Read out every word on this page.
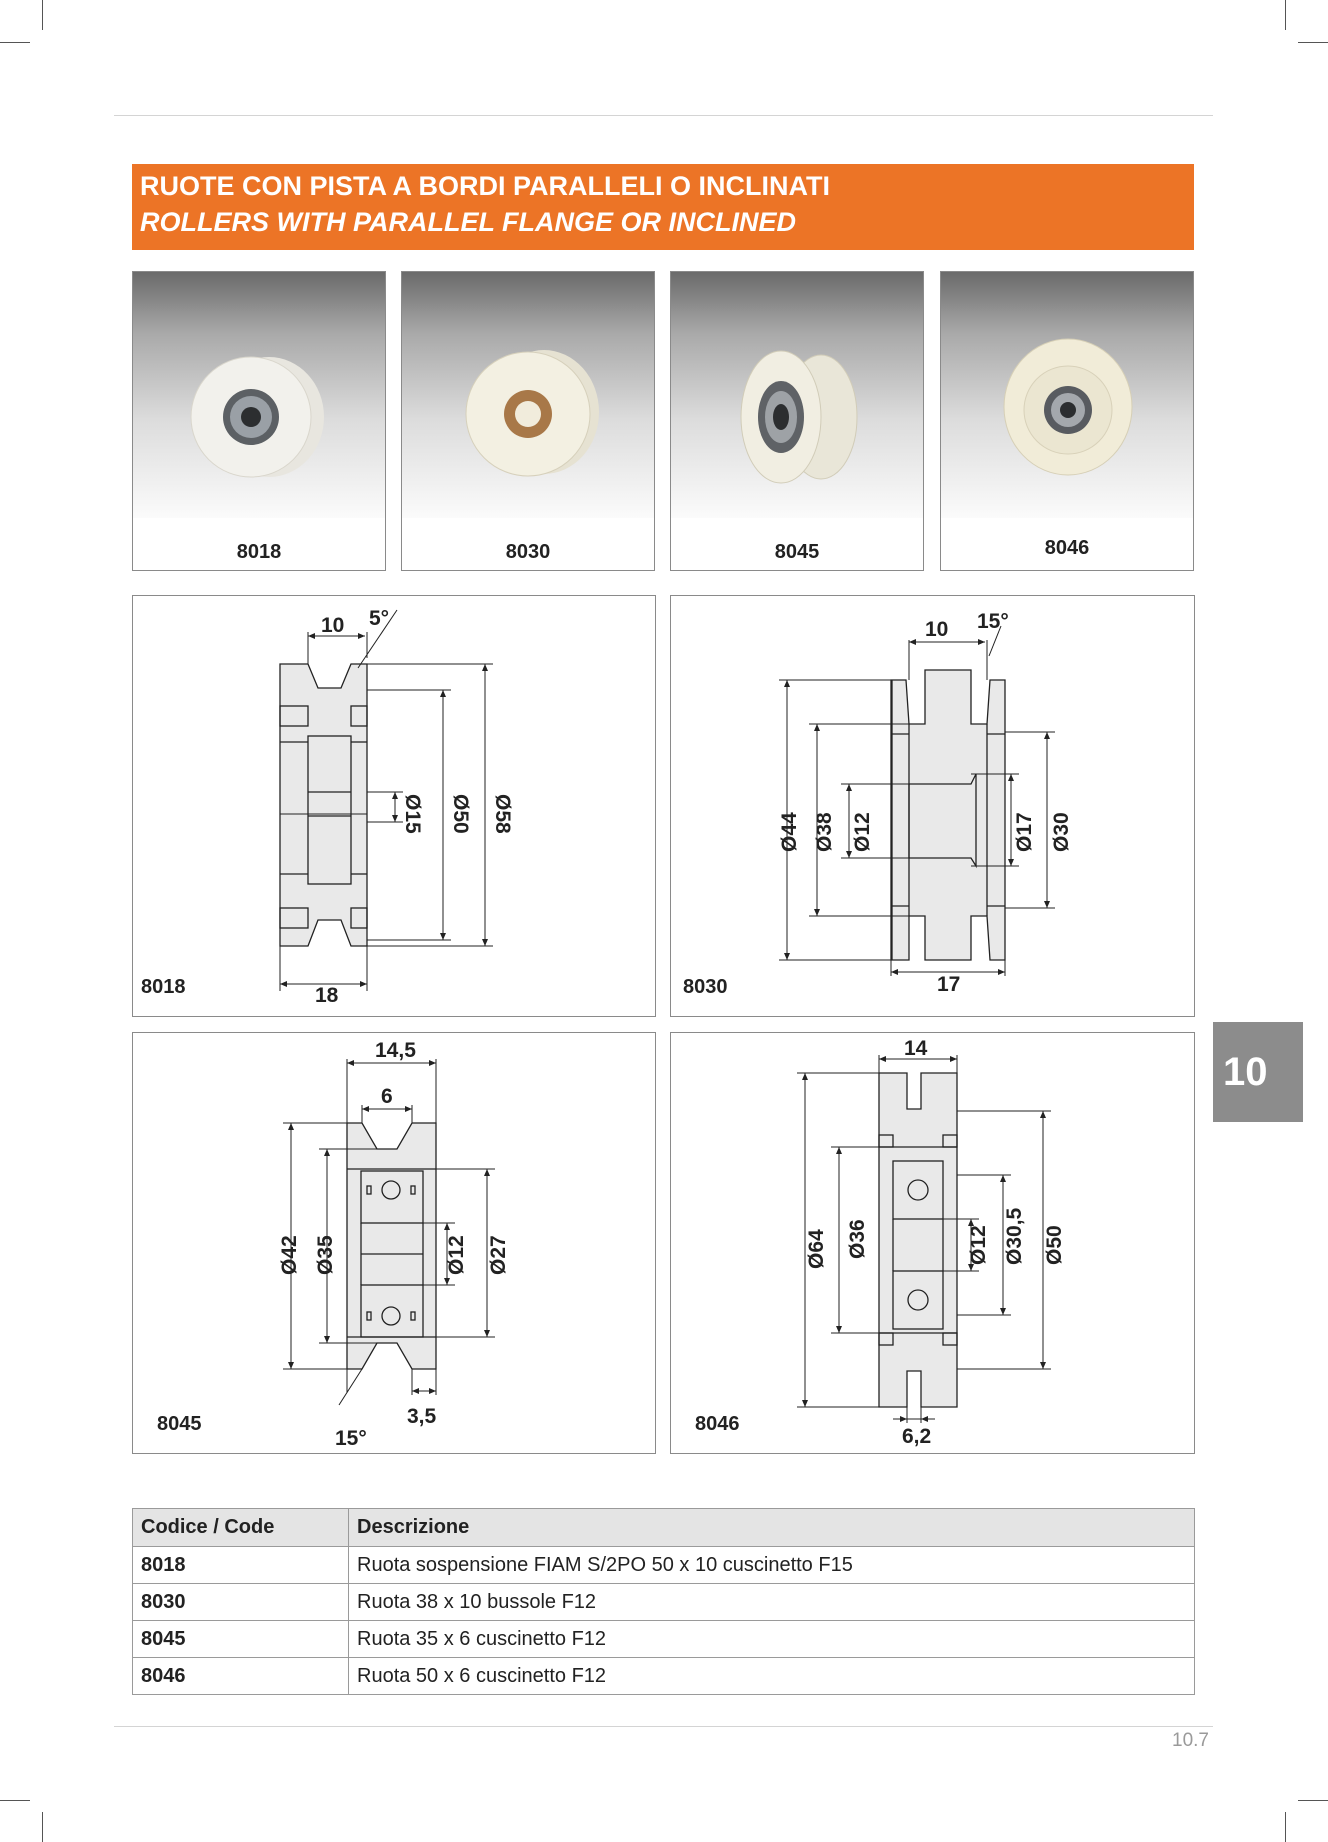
RUOTE CON PISTA A BORDI PARALLELI O INCLINATI
ROLLERS WITH PARALLEL FLANGE OR INCLINED
8018	8030	8045	8046
10 5°
18
Ø15 Ø50 Ø58
8018
10 15°
17
Ø44 Ø38 Ø12	Ø17 Ø30
8030
14,5
6
3,5
15°
Ø42 Ø35	Ø12 Ø27
8045
14
6,2
Ø64 Ø36	Ø12 Ø30,5 Ø50
8046
10
Codice / Code	Descrizione
8018	Ruota sospensione FIAM S/2PO 50 x 10 cuscinetto F15
8030	Ruota 38 x 10 bussole F12
8045	Ruota 35 x 6 cuscinetto F12
8046	Ruota 50 x 6 cuscinetto F12
10.7
